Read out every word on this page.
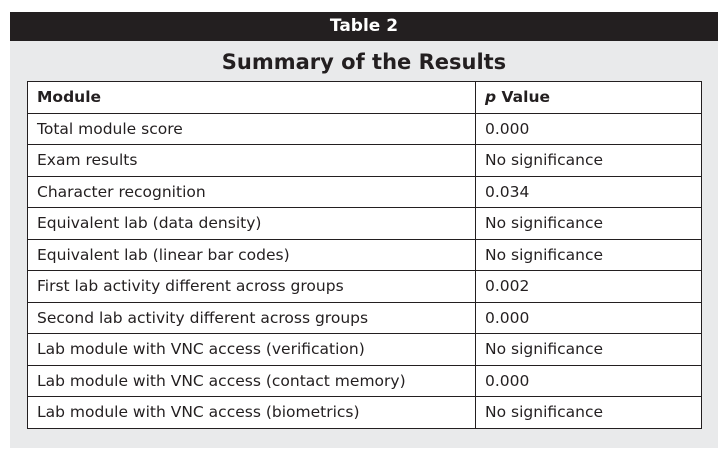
Table 2
Summary of the Results
Module	p Value
Total module score	0.000
Exam results	No significance
Character recognition	0.034
Equivalent lab (data density)	No significance
Equivalent lab (linear bar codes)	No significance
First lab activity different across groups	0.002
Second lab activity different across groups	0.000
Lab module with VNC access (verification)	No significance
Lab module with VNC access (contact memory)	0.000
Lab module with VNC access (biometrics)	No significance
